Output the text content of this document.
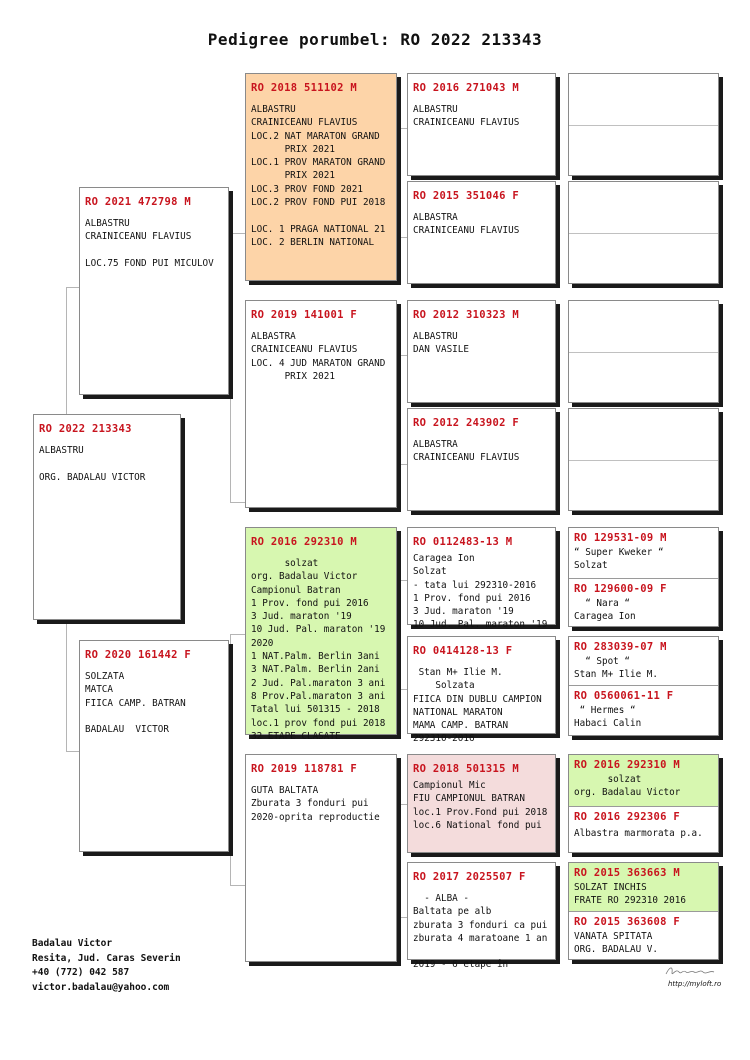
Pedigree porumbel: RO 2022 213343
RO 2022 213343
ALBASTRU

ORG. BADALAU VICTOR
RO 2021 472798 M
ALBASTRU
CRAINICEANU FLAVIUS

LOC.75 FOND PUI MICULOV
RO 2020 161442 F
SOLZATA
MATCA
FIICA CAMP. BATRAN

BADALAU  VICTOR
RO 2018 511102 M
ALBASTRU
CRAINICEANU FLAVIUS
LOC.2 NAT MARATON GRAND
PRIX 2021
LOC.1 PROV MARATON GRAND
PRIX 2021
LOC.3 PROV FOND 2021
LOC.2 PROV FOND PUI 2018

LOC. 1 PRAGA NATIONAL 21
LOC. 2 BERLIN NATIONAL
RO 2019 141001 F
ALBASTRA
CRAINICEANU FLAVIUS
LOC. 4 JUD MARATON GRAND
PRIX 2021
RO 2016 292310 M
solzat
org. Badalau Victor
Campionul Batran
1 Prov. fond pui 2016
3 Jud. maraton '19
10 Jud. Pal. maraton '19
2020
1 NAT.Palm. Berlin 3ani
3 NAT.Palm. Berlin 2ani
2 Jud. Pal.maraton 3 ani
8 Prov.Pal.maraton 3 ani
Tatal lui 501315 - 2018
loc.1 prov fond pui 2018
32 ETAPE CLASATE
RO 2019 118781 F
GUTA BALTATA
Zburata 3 fonduri pui
2020-oprita reproductie
RO 2016 271043 M
ALBASTRU
CRAINICEANU FLAVIUS
RO 2015 351046 F
ALBASTRA
CRAINICEANU FLAVIUS
RO 2012 310323 M
ALBASTRU
DAN VASILE
RO 2012 243902 F
ALBASTRA
CRAINICEANU FLAVIUS
RO 0112483-13 M
Caragea Ion
Solzat
- tata lui 292310-2016
1 Prov. fond pui 2016
3 Jud. maraton '19
10 Jud. Pal. maraton '19
RO 0414128-13 F
Stan M+ Ilie M.
Solzata
FIICA DIN DUBLU CAMPION
NATIONAL MARATON
MAMA CAMP. BATRAN
292310-2016
RO 2018 501315 M
Campionul Mic
FIU CAMPIONUL BATRAN
loc.1 Prov.Fond pui 2018
loc.6 National fond pui
RO 2017 2025507 F
- ALBA -
Baltata pe alb
zburata 3 fonduri ca pui
zburata 4 maratoane 1 an

2019 - 6 etape în
RO 129531-09 M
“ Super Kweker “
Solzat
RO 129600-09 F
“ Nara “
Caragea Ion
RO 283039-07 M
“ Spot “
Stan M+ Ilie M.
RO 0560061-11 F
“ Hermes “
Habaci Calin
RO 2016 292310 M
solzat
org. Badalau Victor
RO 2016 292306 F
Albastra marmorata p.a.
RO 2015 363663 M
SOLZAT INCHIS
FRATE RO 292310 2016
RO 2015 363608 F
VANATA SPITATA
ORG. BADALAU V.
Badalau Victor
Resita, Jud. Caras Severin
+40 (772) 042 587
victor.badalau@yahoo.com	http://myloft.ro
